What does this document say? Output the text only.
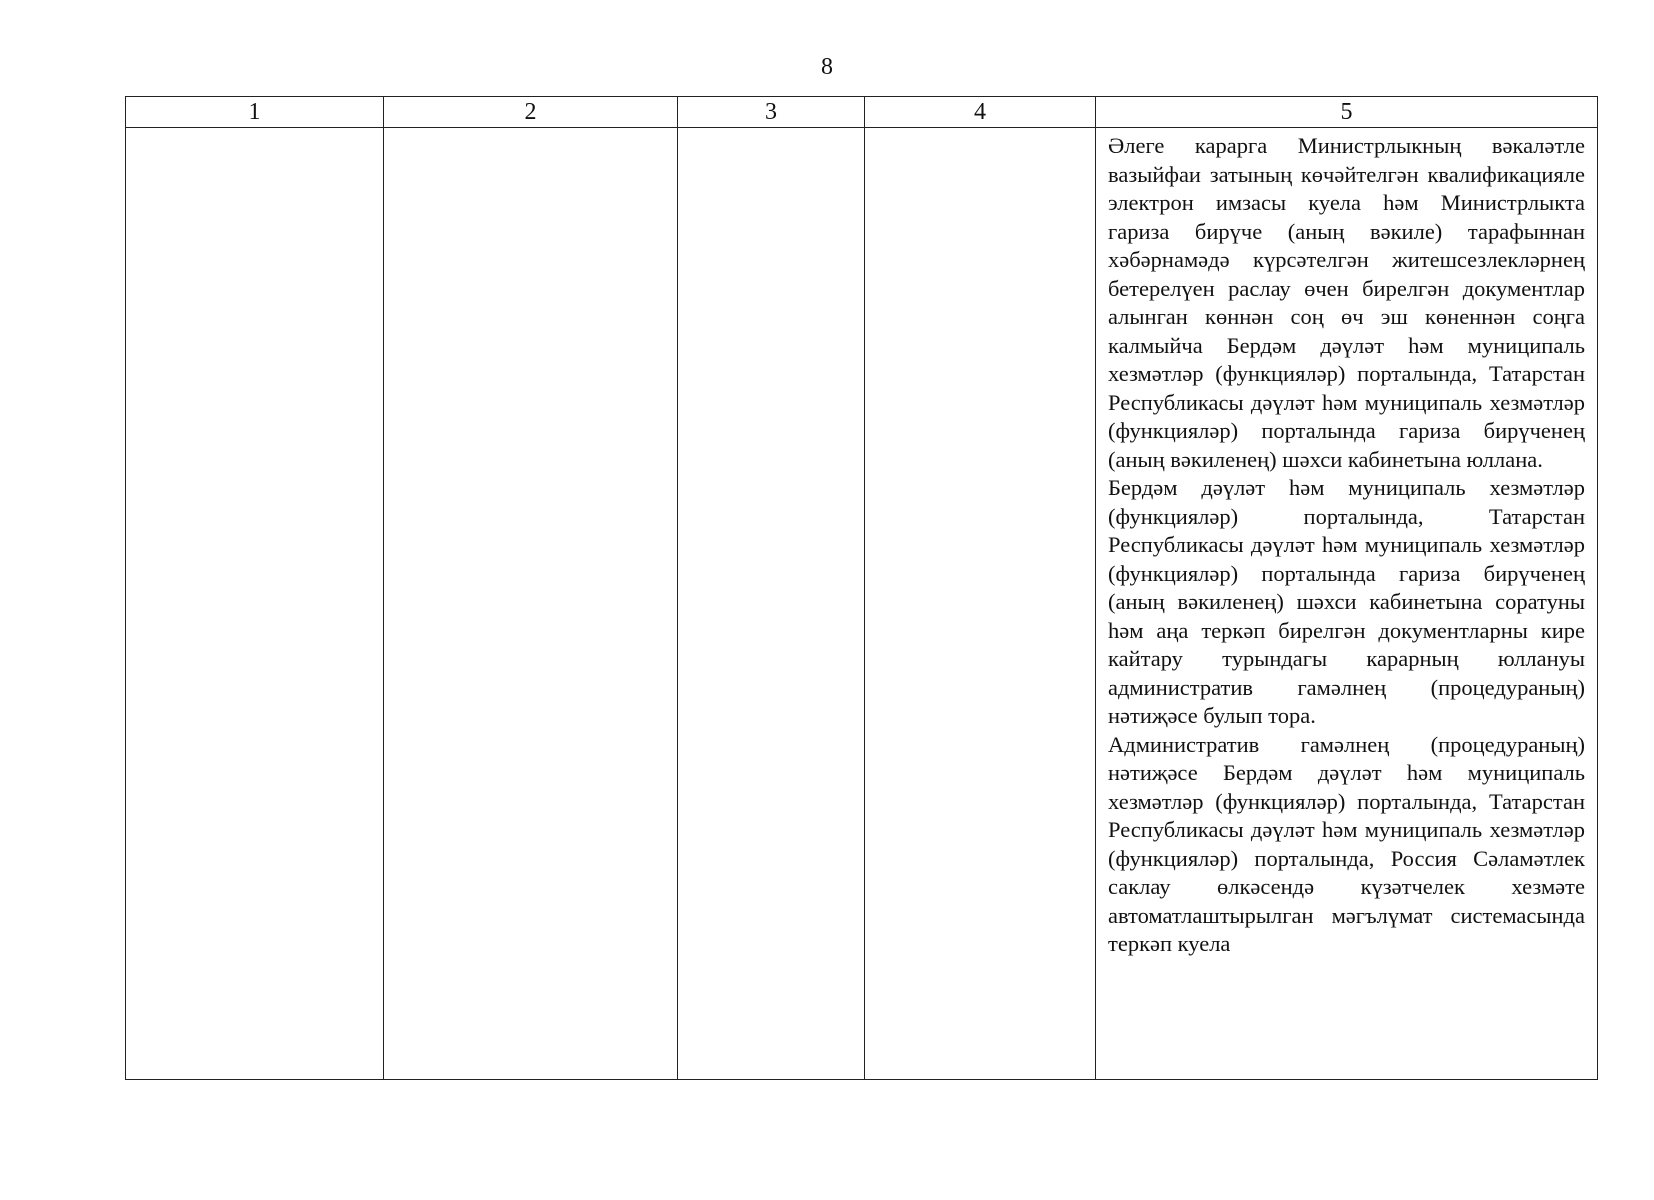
8
1	2	3	4	5

				Әлеге карарга Министрлыкның вәкаләтле вазыйфаи затының көчәйтелгән квалификацияле электрон имзасы куела һәм Министрлыкта гариза бирүче (аның вәкиле) тарафыннан хәбәрнамәдә күрсәтелгән житешсезлекләрнең бетерелүен раслау өчен бирелгән документлар алынган көннән соң өч эш көненнән соңга калмыйча Бердәм дәүләт һәм муниципаль хезмәтләр (функцияләр) порталында, Татарстан Республикасы дәүләт һәм муниципаль хезмәтләр (функцияләр) порталында гариза бирүченең (аның вәкиленең) шәхси кабинетына юллана.

Бердәм дәүләт һәм муниципаль хезмәтләр (функцияләр) порталында, Татарстан Республикасы дәүләт һәм муниципаль хезмәтләр (функцияләр) порталында гариза бирүченең (аның вәкиленең) шәхси кабинетына соратуны һәм аңа теркәп бирелгән документларны кире кайтару турындагы карарның юллануы административ гамәлнең (процедураның) нәтиҗәсе булып тора.

Административ гамәлнең (процедураның) нәтиҗәсе Бердәм дәүләт һәм муниципаль хезмәтләр (функцияләр) порталында, Татарстан Республикасы дәүләт һәм муниципаль хезмәтләр (функцияләр) порталында, Россия Сәламәтлек саклау өлкәсендә күзәтчелек хезмәте автоматлаштырылган мәгълүмат системасында теркәп куела
